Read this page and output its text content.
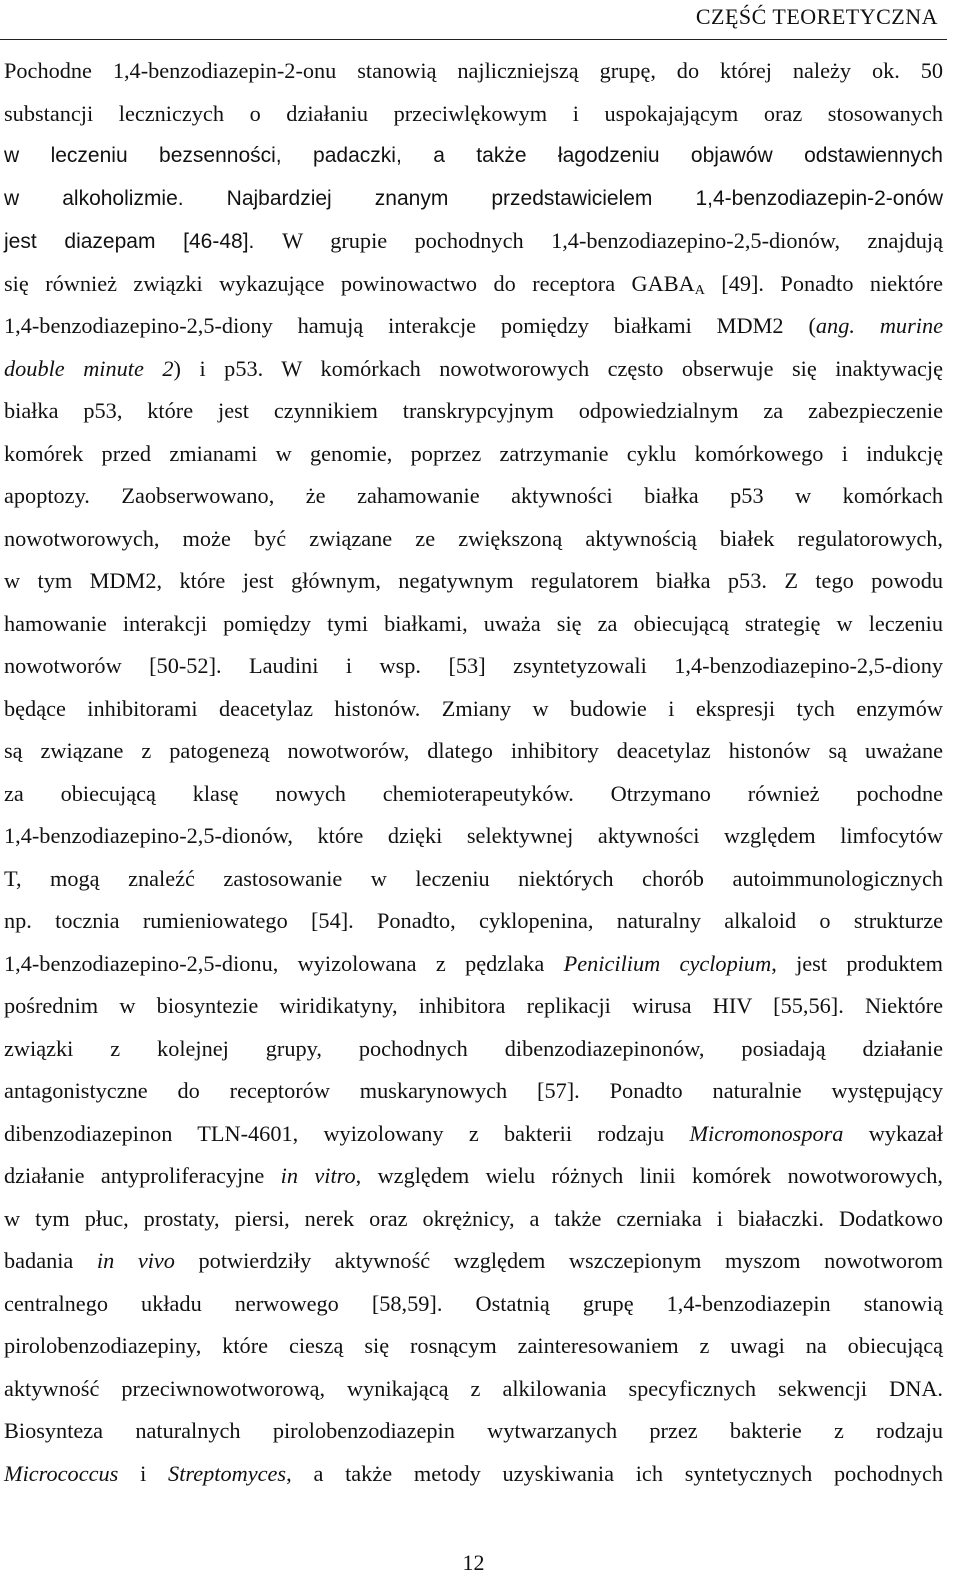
CZĘŚĆ TEORETYCZNA
Pochodne 1,4-benzodiazepin-2-onu stanowią najliczniejszą grupę, do której należy ok. 50
substancji leczniczych o działaniu przeciwlękowym i uspokajającym oraz stosowanych
w leczeniu bezsenności, padaczki, a także łagodzeniu objawów odstawiennych
w alkoholizmie. Najbardziej znanym przedstawicielem 1,4-benzodiazepin-2-onów
jest diazepam [46-48]. W grupie pochodnych 1,4-benzodiazepino-2,5-dionów, znajdują
się również związki wykazujące powinowactwo do receptora $GABA_A$ [49]. Ponadto niektóre
1,4-benzodiazepino-2,5-diony hamują interakcje pomiędzy białkami MDM2 (ang. murine
double minute 2) i p53. W komórkach nowotworowych często obserwuje się inaktywację
białka p53, które jest czynnikiem transkrypcyjnym odpowiedzialnym za zabezpieczenie
komórek przed zmianami w genomie, poprzez zatrzymanie cyklu komórkowego i indukcję
apoptozy. Zaobserwowano, że zahamowanie aktywności białka p53 w komórkach
nowotworowych, może być związane ze zwiększoną aktywnością białek regulatorowych,
w tym MDM2, które jest głównym, negatywnym regulatorem białka p53. Z tego powodu
hamowanie interakcji pomiędzy tymi białkami, uważa się za obiecującą strategię w leczeniu
nowotworów [50-52]. Laudini i wsp. [53] zsyntetyzowali 1,4-benzodiazepino-2,5-diony
będące inhibitorami deacetylaz histonów. Zmiany w budowie i ekspresji tych enzymów
są związane z patogenezą nowotworów, dlatego inhibitory deacetylaz histonów są uważane
za obiecującą klasę nowych chemioterapeutyków. Otrzymano również pochodne
1,4-benzodiazepino-2,5-dionów, które dzięki selektywnej aktywności względem limfocytów
T, mogą znaleźć zastosowanie w leczeniu niektórych chorób autoimmunologicznych
np. tocznia rumieniowatego [54]. Ponadto, cyklopenina, naturalny alkaloid o strukturze
1,4-benzodiazepino-2,5-dionu, wyizolowana z pędzlaka Penicilium cyclopium, jest produktem
pośrednim w biosyntezie wiridikatyny, inhibitora replikacji wirusa HIV [55,56]. Niektóre
związki z kolejnej grupy, pochodnych dibenzodiazepinonów, posiadają działanie
antagonistyczne do receptorów muskarynowych [57]. Ponadto naturalnie występujący
dibenzodiazepinon TLN-4601, wyizolowany z bakterii rodzaju Micromonospora wykazał
działanie antyproliferacyjne in vitro, względem wielu różnych linii komórek nowotworowych,
w tym płuc, prostaty, piersi, nerek oraz okrężnicy, a także czerniaka i białaczki. Dodatkowo
badania in vivo potwierdziły aktywność względem wszczepionym myszom nowotworom
centralnego układu nerwowego [58,59]. Ostatnią grupę 1,4-benzodiazepin stanowią
pirolobenzodiazepiny, które cieszą się rosnącym zainteresowaniem z uwagi na obiecującą
aktywność przeciwnowotworową, wynikającą z alkilowania specyficznych sekwencji DNA.
Biosynteza naturalnych pirolobenzodiazepin wytwarzanych przez bakterie z rodzaju
Micrococcus i Streptomyces, a także metody uzyskiwania ich syntetycznych pochodnych
12
